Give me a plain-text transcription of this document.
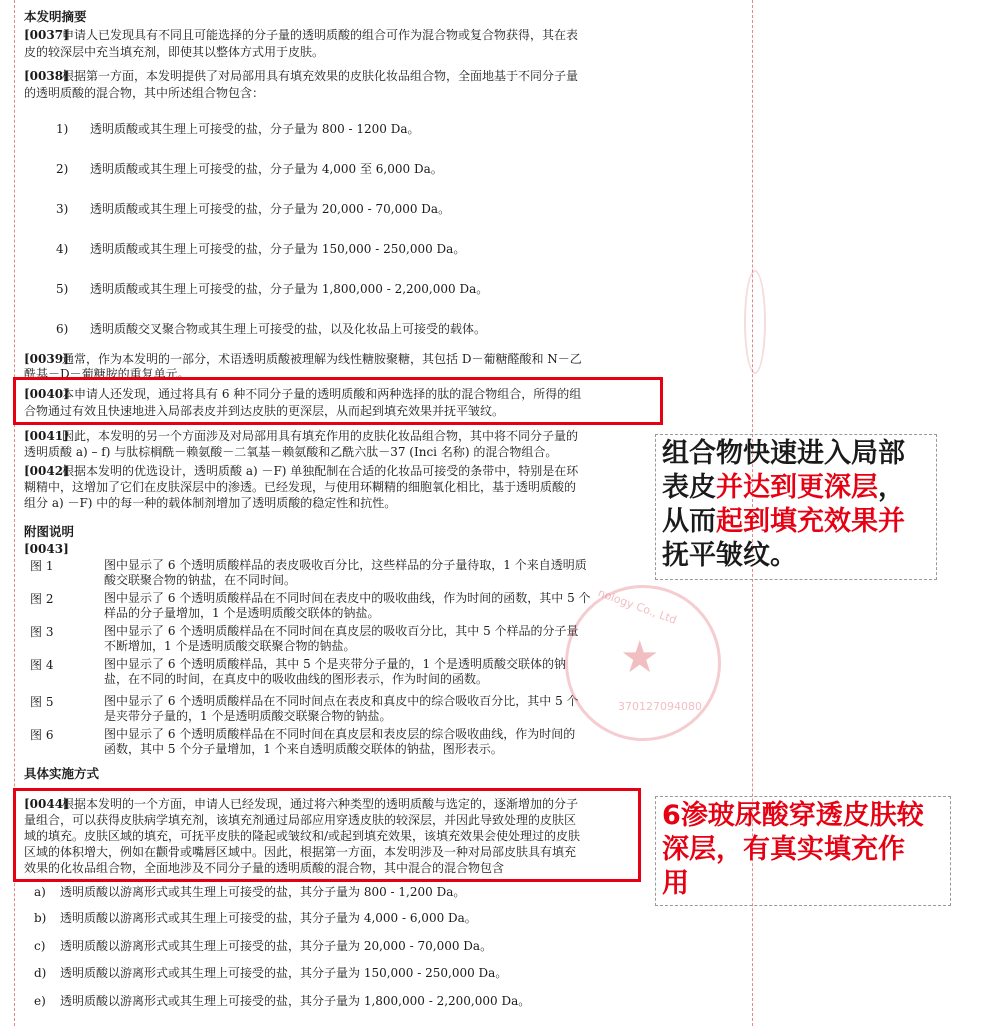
本发明摘要
[0037]申请人已发现具有不同且可能选择的分子量的透明质酸的组合可作为混合物或复合物获得，其在表
皮的较深层中充当填充剂，即使其以整体方式用于皮肤。
[0038]根据第一方面，本发明提供了对局部用具有填充效果的皮肤化妆品组合物，全面地基于不同分子量
的透明质酸的混合物，其中所述组合物包含：
1) 透明质酸或其生理上可接受的盐，分子量为 800 - 1200 Da。
2) 透明质酸或其生理上可接受的盐，分子量为 4,000 至 6,000 Da。
3) 透明质酸或其生理上可接受的盐，分子量为 20,000 - 70,000 Da。
4) 透明质酸或其生理上可接受的盐，分子量为 150,000 - 250,000 Da。
5) 透明质酸或其生理上可接受的盐，分子量为 1,800,000 - 2,200,000 Da。
6) 透明质酸交叉聚合物或其生理上可接受的盐，以及化妆品上可接受的载体。
[0039]通常，作为本发明的一部分，术语透明质酸被理解为线性糖胺聚糖，其包括 D－葡糖醛酸和 N－乙
酰基－D－葡糖胺的重复单元。
[0040]本申请人还发现，通过将具有 6 种不同分子量的透明质酸和两种选择的肽的混合物组合，所得的组
合物通过有效且快速地进入局部表皮并到达皮肤的更深层，从而起到填充效果并抚平皱纹。
[0041]因此，本发明的另一个方面涉及对局部用具有填充作用的皮肤化妆品组合物，其中将不同分子量的
透明质酸 a) – f) 与肽棕榈酰－赖氨酸－二氧基－赖氨酸和乙酰六肽－37 (Inci 名称) 的混合物组合。
[0042]根据本发明的优选设计，透明质酸 a) －F) 单独配制在合适的化妆品可接受的条带中，特别是在环
糊精中，这增加了它们在皮肤深层中的渗透。已经发现，与使用环糊精的细胞氧化相比，基于透明质酸的
组分 a) －F) 中的每一种的载体制剂增加了透明质酸的稳定性和抗性。
附图说明
[0043]
图 1	图中显示了 6 个透明质酸样品的表皮吸收百分比，这些样品的分子量待取，1 个来自透明质
酸交联聚合物的钠盐，在不同时间。
图 2	图中显示了 6 个透明质酸样品在不同时间在表皮中的吸收曲线，作为时间的函数，其中 5 个
样品的分子量增加，1 个是透明质酸交联体的钠盐。
图 3	图中显示了 6 个透明质酸样品在不同时间在真皮层的吸收百分比，其中 5 个样品的分子量
不断增加，1 个是透明质酸交联聚合物的钠盐。
图 4	图中显示了 6 个透明质酸样品，其中 5 个是夹带分子量的，1 个是透明质酸交联体的钠
盐，在不同的时间，在真皮中的吸收曲线的图形表示，作为时间的函数。
图 5	图中显示了 6 个透明质酸样品在不同时间点在表皮和真皮中的综合吸收百分比，其中 5 个
是夹带分子量的，1 个是透明质酸交联聚合物的钠盐。
图 6	图中显示了 6 个透明质酸样品在不同时间在真皮层和表皮层的综合吸收曲线，作为时间的
函数，其中 5 个分子量增加，1 个来自透明质酸交联体的钠盐，图形表示。
具体实施方式
[0044]根据本发明的一个方面，申请人已经发现，通过将六种类型的透明质酸与选定的，逐渐增加的分子
量组合，可以获得皮肤病学填充剂，该填充剂通过局部应用穿透皮肤的较深层，并因此导致处理的皮肤区
域的填充。皮肤区域的填充，可抚平皮肤的隆起或皱纹和/或起到填充效果，该填充效果会使处理过的皮肤
区域的体积增大，例如在颧骨或嘴唇区域中。因此，根据第一方面，本发明涉及一种对局部皮肤具有填充
效果的化妆品组合物，全面地涉及不同分子量的透明质酸的混合物，其中混合的混合物包含
a) 透明质酸以游离形式或其生理上可接受的盐，其分子量为 800 - 1,200 Da。
b) 透明质酸以游离形式或其生理上可接受的盐，其分子量为 4,000 - 6,000 Da。
c) 透明质酸以游离形式或其生理上可接受的盐，其分子量为 20,000 - 70,000 Da。
d) 透明质酸以游离形式或其生理上可接受的盐，其分子量为 150,000 - 250,000 Da。
e) 透明质酸以游离形式或其生理上可接受的盐，其分子量为 1,800,000 - 2,200,000 Da。
组合物快速进入局部
表皮并达到更深层，
从而起到填充效果并
抚平皱纹。
6渗玻尿酸穿透皮肤较
深层，有真实填充作
用
nology Co., Ltd
★
370127094080
